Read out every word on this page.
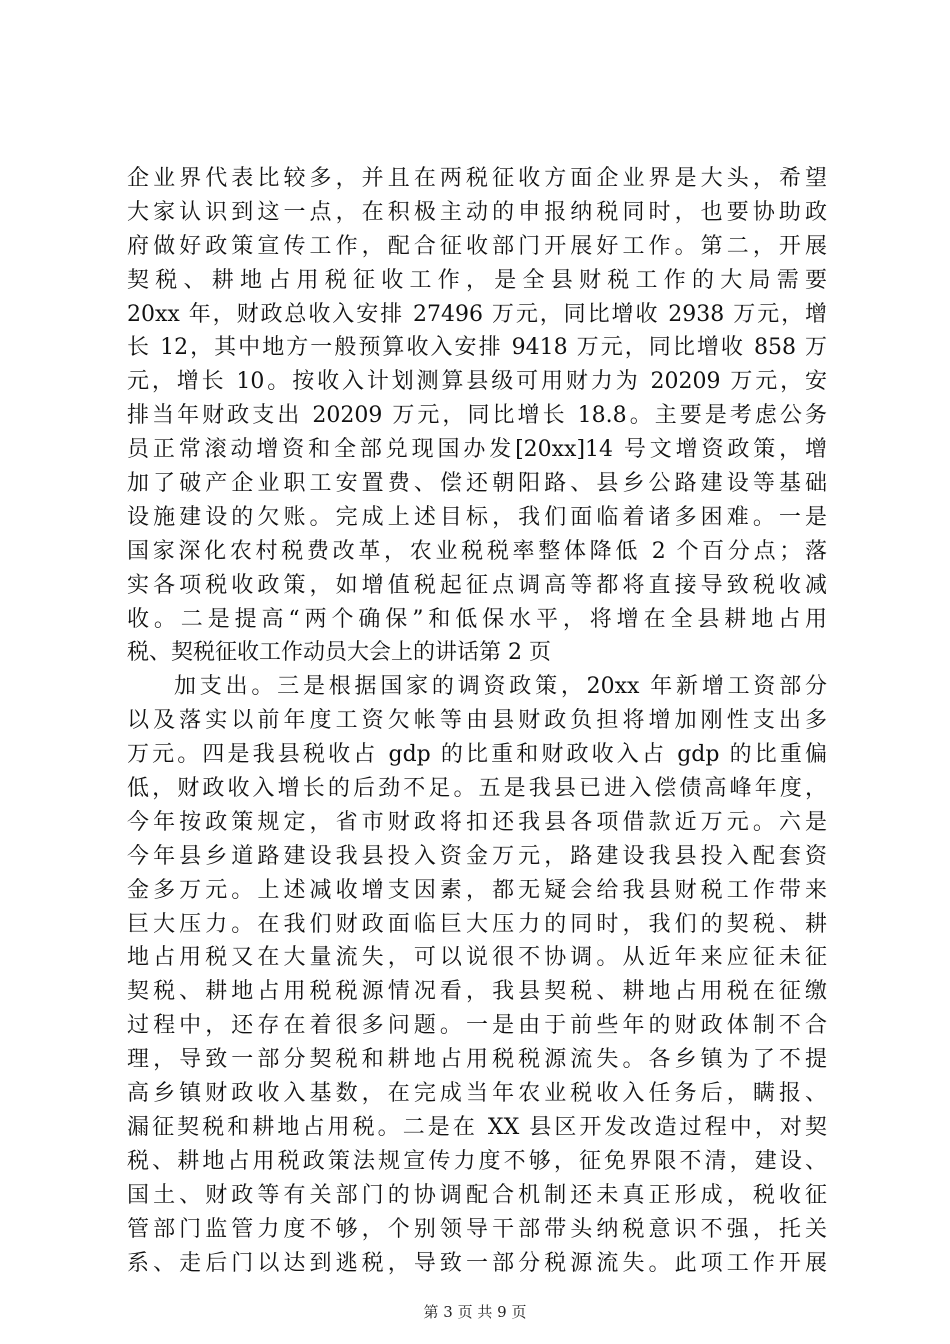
企业界代表比较多，并且在两税征收方面企业界是大头，希望
大家认识到这一点，在积极主动的申报纳税同时，也要协助政
府做好政策宣传工作，配合征收部门开展好工作。第二，开展
契税、耕地占用税征收工作，是全县财税工作的大局需要
20xx 年，财政总收入安排 27496 万元，同比增收 2938 万元，增
长 12，其中地方一般预算收入安排 9418 万元，同比增收 858 万
元，增长 10。按收入计划测算县级可用财力为 20209 万元，安
排当年财政支出 20209 万元，同比增长 18.8。主要是考虑公务
员正常滚动增资和全部兑现国办发[20xx]14 号文增资政策，增
加了破产企业职工安置费、偿还朝阳路、县乡公路建设等基础
设施建设的欠账。完成上述目标，我们面临着诸多困难。一是
国家深化农村税费改革，农业税税率整体降低 2 个百分点；落
实各项税收政策，如增值税起征点调高等都将直接导致税收减
收。二是提高“两个确保”和低保水平，将增在全县耕地占用
税、契税征收工作动员大会上的讲话第 2 页
加支出。三是根据国家的调资政策，20xx 年新增工资部分
以及落实以前年度工资欠帐等由县财政负担将增加刚性支出多
万元。四是我县税收占 gdp 的比重和财政收入占 gdp 的比重偏
低，财政收入增长的后劲不足。五是我县已进入偿债高峰年度，
今年按政策规定，省市财政将扣还我县各项借款近万元。六是
今年县乡道路建设我县投入资金万元，路建设我县投入配套资
金多万元。上述减收增支因素，都无疑会给我县财税工作带来
巨大压力。在我们财政面临巨大压力的同时，我们的契税、耕
地占用税又在大量流失，可以说很不协调。从近年来应征未征
契税、耕地占用税税源情况看，我县契税、耕地占用税在征缴
过程中，还存在着很多问题。一是由于前些年的财政体制不合
理，导致一部分契税和耕地占用税税源流失。各乡镇为了不提
高乡镇财政收入基数，在完成当年农业税收入任务后，瞒报、
漏征契税和耕地占用税。二是在 XX 县区开发改造过程中，对契
税、耕地占用税政策法规宣传力度不够，征免界限不清，建设、
国土、财政等有关部门的协调配合机制还未真正形成，税收征
管部门监管力度不够，个别领导干部带头纳税意识不强，托关
系、走后门以达到逃税，导致一部分税源流失。此项工作开展
第 3 页 共 9 页
